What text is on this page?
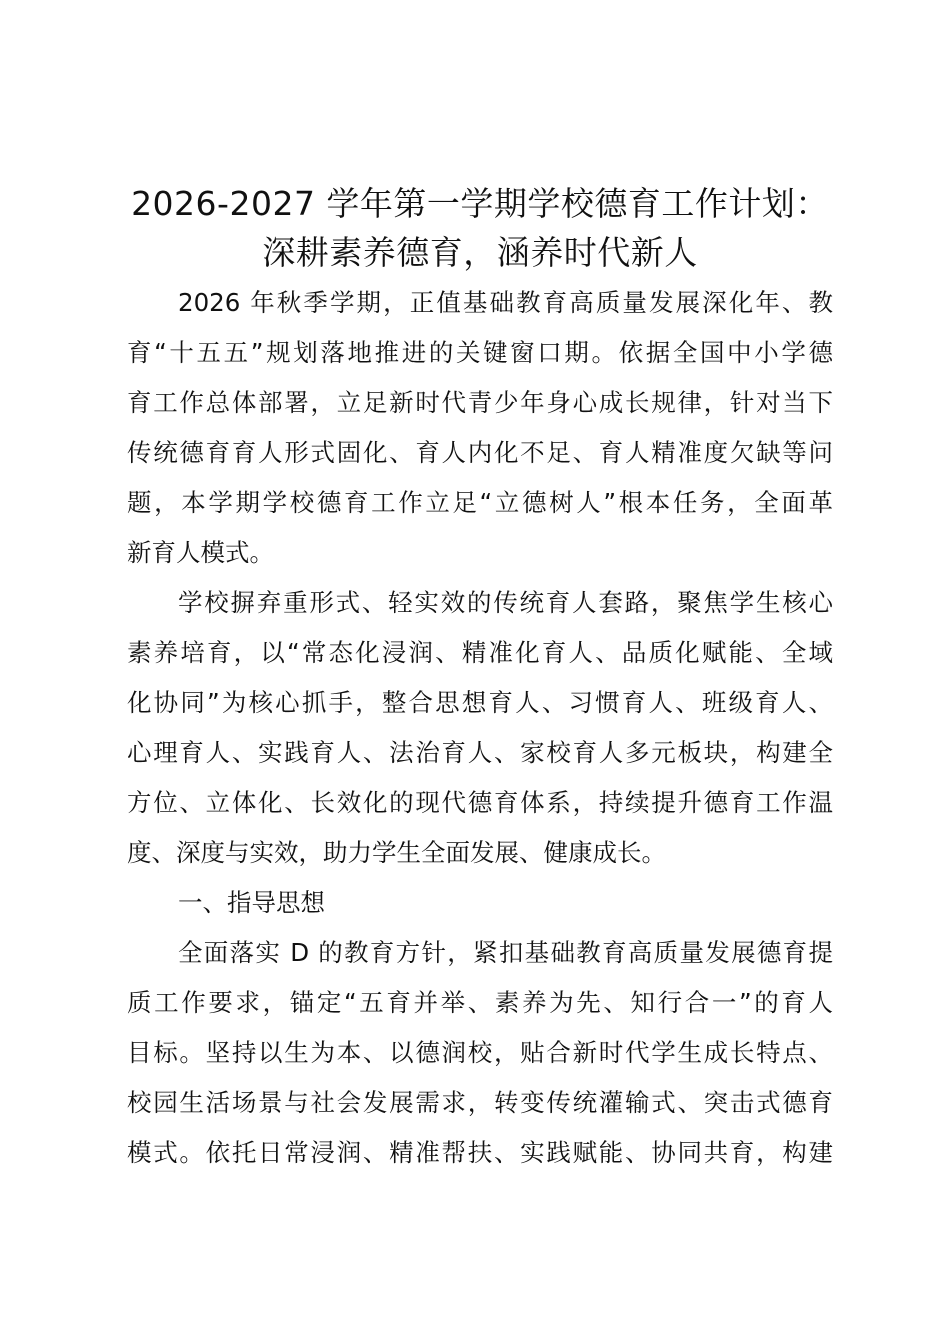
2026-2027 学年第一学期学校德育工作计划：
深耕素养德育，涵养时代新人
2026 年秋季学期，正值基础教育高质量发展深化年、教
育“十五五”规划落地推进的关键窗口期。依据全国中小学德
育工作总体部署，立足新时代青少年身心成长规律，针对当下
传统德育育人形式固化、育人内化不足、育人精准度欠缺等问
题，本学期学校德育工作立足“立德树人”根本任务，全面革
新育人模式。
学校摒弃重形式、轻实效的传统育人套路，聚焦学生核心
素养培育，以“常态化浸润、精准化育人、品质化赋能、全域
化协同”为核心抓手，整合思想育人、习惯育人、班级育人、
心理育人、实践育人、法治育人、家校育人多元板块，构建全
方位、立体化、长效化的现代德育体系，持续提升德育工作温
度、深度与实效，助力学生全面发展、健康成长。
一、指导思想
全面落实 D 的教育方针，紧扣基础教育高质量发展德育提
质工作要求，锚定“五育并举、素养为先、知行合一”的育人
目标。坚持以生为本、以德润校，贴合新时代学生成长特点、
校园生活场景与社会发展需求，转变传统灌输式、突击式德育
模式。依托日常浸润、精准帮扶、实践赋能、协同共育，构建
